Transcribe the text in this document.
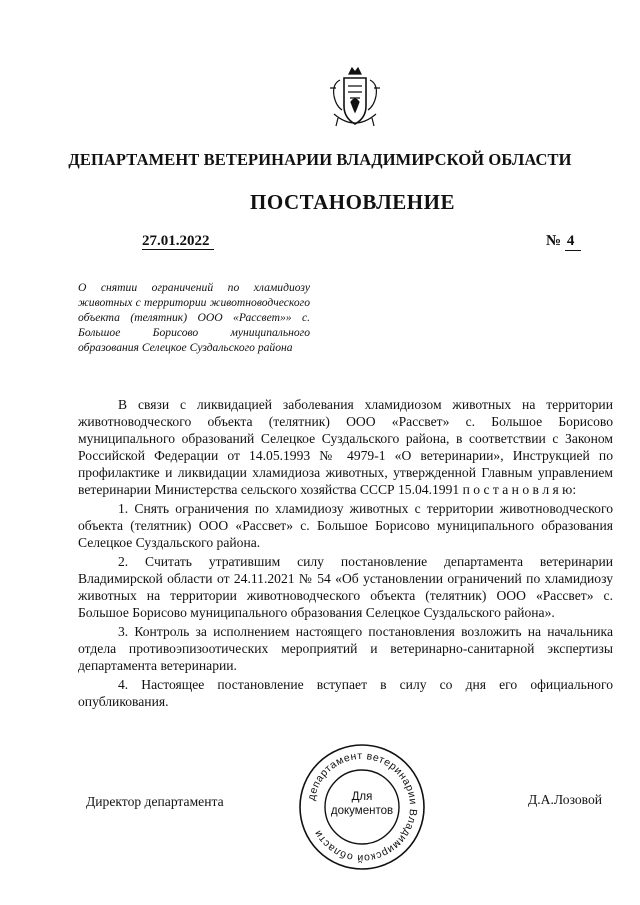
ДЕПАРТАМЕНТ ВЕТЕРИНАРИИ ВЛАДИМИРСКОЙ ОБЛАСТИ
ПОСТАНОВЛЕНИЕ
27.01.2022	№ 4
О снятии ограничений по хламидиозу животных с территории животноводческого объекта (телятник) ООО «Рассвет»» с. Большое Борисово муниципального образования Селецкое Суздальского района

В связи с ликвидацией заболевания хламидиозом животных на территории животноводческого объекта (телятник) ООО «Рассвет» с. Большое Борисово муниципального образований Селецкое Суздальского района, в соответствии с Законом Российской Федерации от 14.05.1993 № 4979-1 «О ветеринарии», Инструкцией по профилактике и ликвидации хламидиоза животных, утвержденной Главным управлением ветеринарии Министерства сельского хозяйства СССР 15.04.1991 п о с т а н о в л я ю:

1. Снять ограничения по хламидиозу животных с территории животноводческого объекта (телятник) ООО «Рассвет» с. Большое Борисово муниципального образования Селецкое Суздальского района.

2. Считать утратившим силу постановление департамента ветеринарии Владимирской области от 24.11.2021 № 54 «Об установлении ограничений по хламидиозу животных на территории животноводческого объекта (телятник) ООО «Рассвет» с. Большое Борисово муниципального образования Селецкое Суздальского района».

3. Контроль за исполнением настоящего постановления возложить на начальника отдела противоэпизоотических мероприятий и ветеринарно-санитарной экспертизы департамента ветеринарии.

4. Настоящее постановление вступает в силу со дня его официального опубликования.

Директор департамента	Д.А.Лозовой
департамент ветеринарии Владимирской области
Для
документов
